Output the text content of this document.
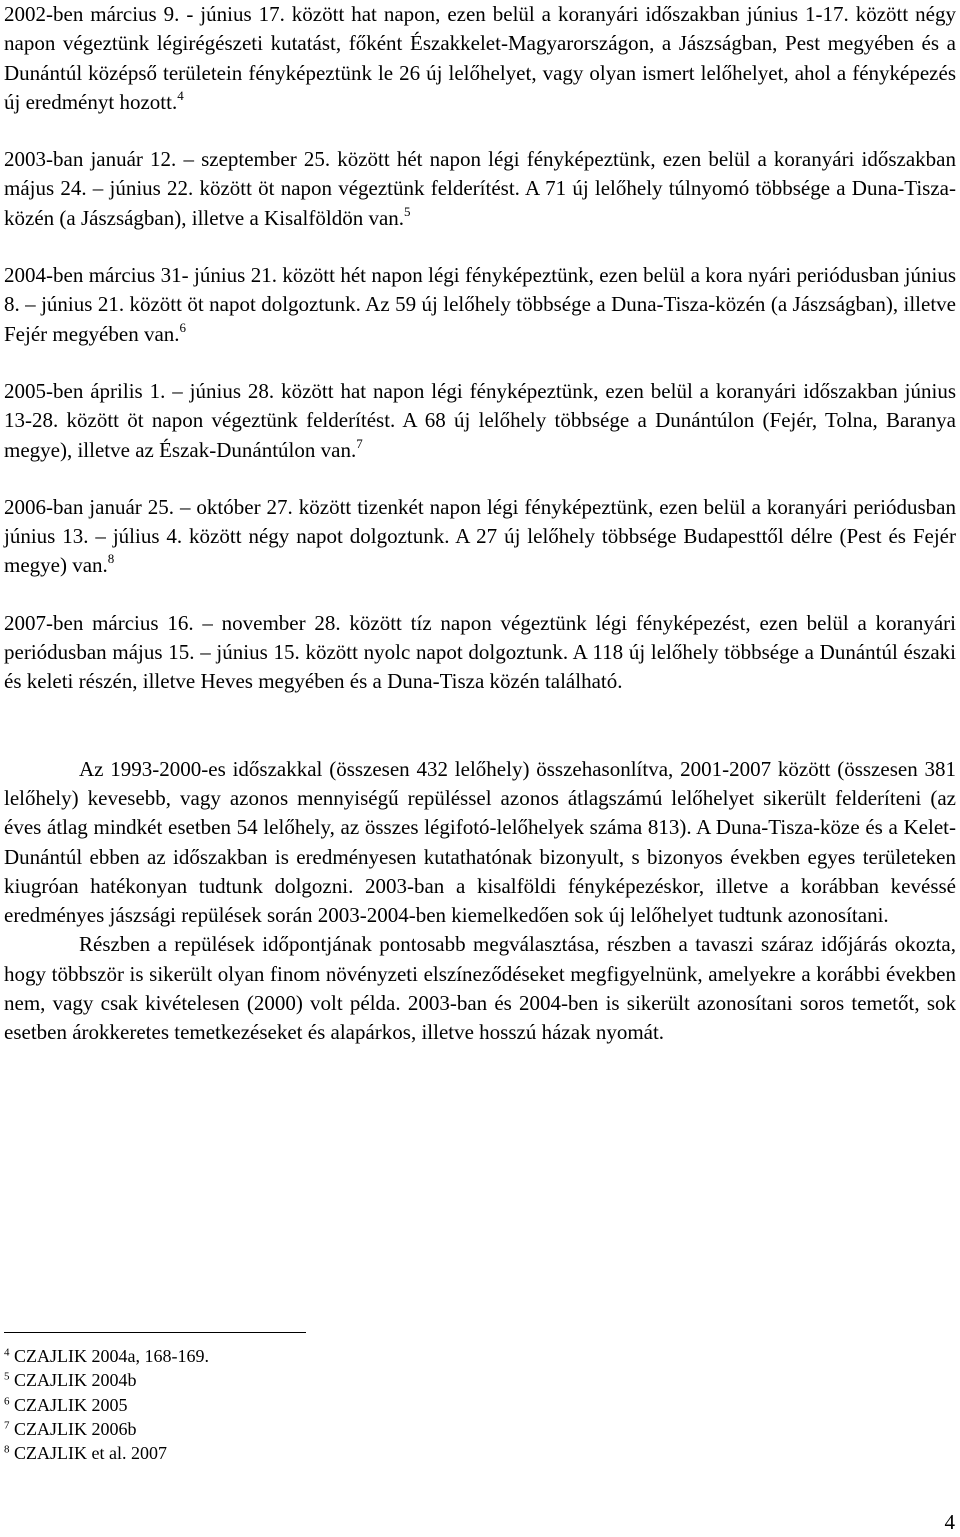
2002-ben március 9. - június 17. között hat napon, ezen belül a koranyári időszakban június 1-17. között négy napon végeztünk légirégészeti kutatást, főként Északkelet-Magyarországon, a Jászságban, Pest megyében és a Dunántúl középső területein fényképeztünk le 26 új lelőhelyet, vagy olyan ismert lelőhelyet, ahol a fényképezés új eredményt hozott.$^4$

2003-ban január 12. – szeptember 25. között hét napon légi fényképeztünk, ezen belül a koranyári időszakban május 24. – június 22. között öt napon végeztünk felderítést. A 71 új lelőhely túlnyomó többsége a Duna-Tisza-közén (a Jászságban), illetve a Kisalföldön van.$^5$

2004-ben március 31- június 21. között hét napon légi fényképeztünk, ezen belül a kora nyári periódusban június 8. – június 21. között öt napot dolgoztunk. Az 59 új lelőhely többsége a Duna-Tisza-közén (a Jászságban), illetve Fejér megyében van.$^6$

2005-ben április 1. – június 28. között hat napon légi fényképeztünk, ezen belül a koranyári időszakban június 13-28. között öt napon végeztünk felderítést. A 68 új lelőhely többsége a Dunántúlon (Fejér, Tolna, Baranya megye), illetve az Észak-Dunántúlon van.$^7$

2006-ban január 25. – október 27. között tizenkét napon légi fényképeztünk, ezen belül a koranyári periódusban június 13. – július 4. között négy napot dolgoztunk. A 27 új lelőhely többsége Budapesttől délre (Pest és Fejér megye) van.$^8$

2007-ben március 16. – november 28. között tíz napon végeztünk légi fényképezést, ezen belül a koranyári periódusban május 15. – június 15. között nyolc napot dolgoztunk. A 118 új lelőhely többsége a Dunántúl északi és keleti részén, illetve Heves megyében és a Duna-Tisza közén található.

Az 1993-2000-es időszakkal (összesen 432 lelőhely) összehasonlítva, 2001-2007 között (összesen 381 lelőhely) kevesebb, vagy azonos mennyiségű repüléssel azonos átlagszámú lelőhelyet sikerült felderíteni (az éves átlag mindkét esetben 54 lelőhely, az összes légifotó-lelőhelyek száma 813). A Duna-Tisza-köze és a Kelet-Dunántúl ebben az időszakban is eredményesen kutathatónak bizonyult, s bizonyos években egyes területeken kiugróan hatékonyan tudtunk dolgozni. 2003-ban a kisalföldi fényképezéskor, illetve a korábban kevéssé eredményes jászsági repülések során 2003-2004-ben kiemelkedően sok új lelőhelyet tudtunk azonosítani.

Részben a repülések időpontjának pontosabb megválasztása, részben a tavaszi száraz időjárás okozta, hogy többször is sikerült olyan finom növényzeti elszíneződéseket megfigyelnünk, amelyekre a korábbi években nem, vagy csak kivételesen (2000) volt példa. 2003-ban és 2004-ben is sikerült azonosítani soros temetőt, sok esetben árokkeretes temetkezéseket és alapárkos, illetve hosszú házak nyomát.

$^4$ CZAJLIK 2004a, 168-169.
$^5$ CZAJLIK 2004b
$^6$ CZAJLIK 2005
$^7$ CZAJLIK 2006b
$^8$ CZAJLIK et al. 2007
4
